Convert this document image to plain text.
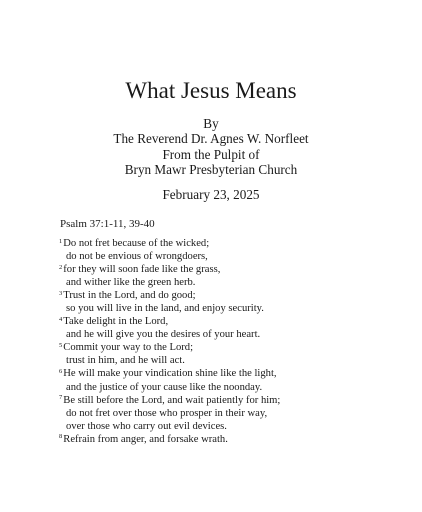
What Jesus Means
By
The Reverend Dr. Agnes W. Norfleet
From the Pulpit of
Bryn Mawr Presbyterian Church
February 23, 2025
Psalm 37:1-11, 39-40
$^1$Do not fret because of the wicked;
do not be envious of wrongdoers,
$^2$for they will soon fade like the grass,
and wither like the green herb.
$^3$Trust in the Lord, and do good;
so you will live in the land, and enjoy security.
$^4$Take delight in the Lord,
and he will give you the desires of your heart.
$^5$Commit your way to the Lord;
trust in him, and he will act.
$^6$He will make your vindication shine like the light,
and the justice of your cause like the noonday.
$^7$Be still before the Lord, and wait patiently for him;
do not fret over those who prosper in their way,
over those who carry out evil devices.
$^8$Refrain from anger, and forsake wrath.
